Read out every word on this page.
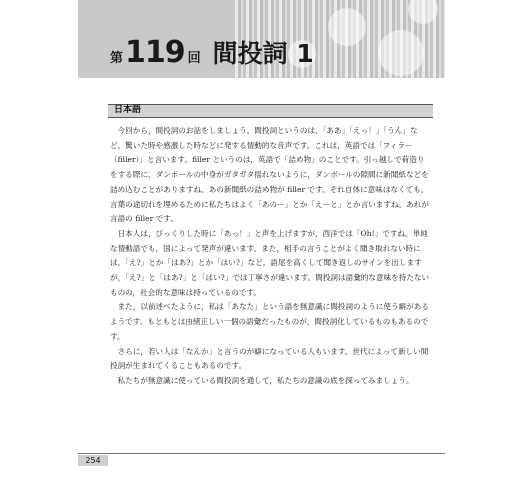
第 119 回 間投詞 1
日本語

　今回から，間投詞のお話をしましょう。間投詞というのは，「ああ」「えっ！」「うん」など，驚いた時や感激した時などに発する情動的な音声です。これは，英語では「フィラー（filler）」と言います。filler というのは，英語で「詰め物」のことです。引っ越しで荷造りをする際に，ダンボールの中身がガタガタ揺れないように，ダンボールの隙間に新聞紙などを詰め込むことがありますね。あの新聞紙の詰め物が filler です。それ自体に意味はなくても，言葉の途切れを埋めるために私たちはよく「あのー」とか「えーと」とか言いますね。あれが言語の filler です。

　日本人は，びっくりした時に「あっ！」と声を上げますが，西洋では「Oh!」ですね。単純な情動語でも，国によって発声が違います。また，相手の言うことがよく聞き取れない時には，「え?」とか「はあ?」とか「はい?」など，語尾を高くして聞き返しのサインを出しますが，「え?」と「はあ?」と「はい?」では丁寧さが違います。間投詞は語彙的な意味を持たないものの，社会的な意味は持っているのです。

　また，以前述べたように，私は「あなた」という語を無意識に間投詞のように使う癖があるようです。もともとは由緒正しい一個の語彙だったものが，間投詞化しているものもあるのです。

　さらに，若い人は「なんか」と言うのが癖になっている人もいます。世代によって新しい間投詞が生まれてくることもあるのです。

　私たちが無意識に使っている間投詞を通して，私たちの意識の底を探ってみましょう。

254
